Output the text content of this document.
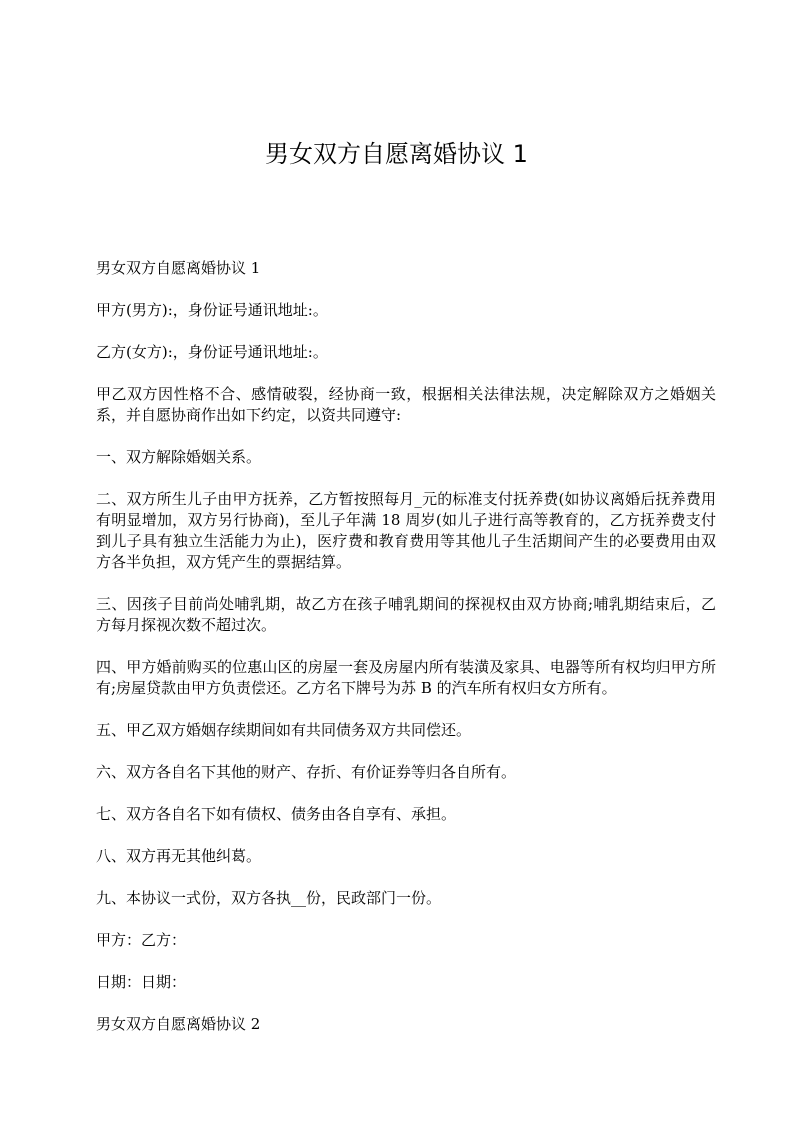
男女双方自愿离婚协议 1

男女双方自愿离婚协议 1

甲方(男方):，身份证号通讯地址:。

乙方(女方):，身份证号通讯地址:。

甲乙双方因性格不合、感情破裂，经协商一致，根据相关法律法规，决定解除双方之婚姻关系，并自愿协商作出如下约定，以资共同遵守:

一、双方解除婚姻关系。

二、双方所生儿子由甲方抚养，乙方暂按照每月_元的标准支付抚养费(如协议离婚后抚养费用有明显增加，双方另行协商)，至儿子年满 18 周岁(如儿子进行高等教育的，乙方抚养费支付到儿子具有独立生活能力为止)，医疗费和教育费用等其他儿子生活期间产生的必要费用由双方各半负担，双方凭产生的票据结算。

三、因孩子目前尚处哺乳期，故乙方在孩子哺乳期间的探视权由双方协商;哺乳期结束后，乙方每月探视次数不超过次。

四、甲方婚前购买的位惠山区的房屋一套及房屋内所有装潢及家具、电器等所有权均归甲方所有;房屋贷款由甲方负责偿还。乙方名下牌号为苏 B 的汽车所有权归女方所有。

五、甲乙双方婚姻存续期间如有共同债务双方共同偿还。

六、双方各自名下其他的财产、存折、有价证券等归各自所有。

七、双方各自名下如有债权、债务由各自享有、承担。

八、双方再无其他纠葛。

九、本协议一式份，双方各执__份，民政部门一份。

甲方：乙方：

日期：日期：

男女双方自愿离婚协议 2
